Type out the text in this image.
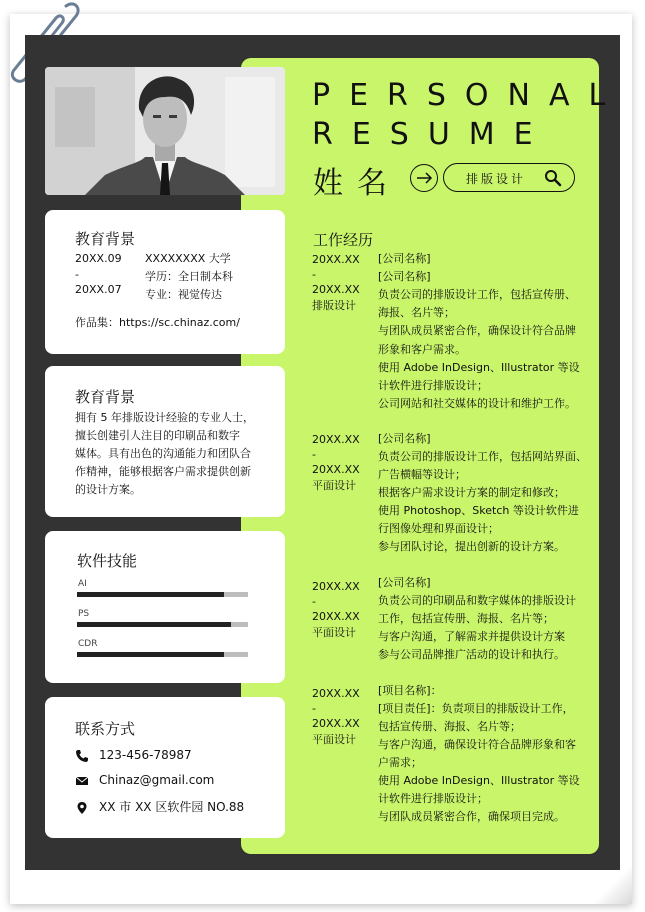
PERSONAL
RESUME
姓名	排版设计
教育背景
20XX.09
-
20XX.07
XXXXXXXX 大学
学历：全日制本科
专业：视觉传达
作品集：https://sc.chinaz.com/
教育背景
拥有 5 年排版设计经验的专业人士，
擅长创建引人注目的印刷品和数字
媒体。具有出色的沟通能力和团队合
作精神，能够根据客户需求提供创新
的设计方案。
软件技能
AI
PS
CDR
联系方式
123-456-78987
Chinaz@gmail.com
XX 市 XX 区软件园 NO.88
工作经历
20XX.XX
-
20XX.XX
排版设计
[公司名称]
[公司名称]
负责公司的排版设计工作，包括宣传册、
海报、名片等；
与团队成员紧密合作，确保设计符合品牌
形象和客户需求。
使用 Adobe InDesign、Illustrator 等设
计软件进行排版设计；
公司网站和社交媒体的设计和维护工作。
20XX.XX
-
20XX.XX
平面设计
[公司名称]
负责公司的排版设计工作，包括网站界面、
广告横幅等设计；
根据客户需求设计方案的制定和修改；
使用 Photoshop、Sketch 等设计软件进
行图像处理和界面设计；
参与团队讨论，提出创新的设计方案。
20XX.XX
-
20XX.XX
平面设计
[公司名称]
负责公司的印刷品和数字媒体的排版设计
工作，包括宣传册、海报、名片等；
与客户沟通，了解需求并提供设计方案
参与公司品牌推广活动的设计和执行。
20XX.XX
-
20XX.XX
平面设计
[项目名称]：
[项目责任]：负责项目的排版设计工作，
包括宣传册、海报、名片等；
与客户沟通，确保设计符合品牌形象和客
户需求；
使用 Adobe InDesign、Illustrator 等设
计软件进行排版设计；
与团队成员紧密合作，确保项目完成。
